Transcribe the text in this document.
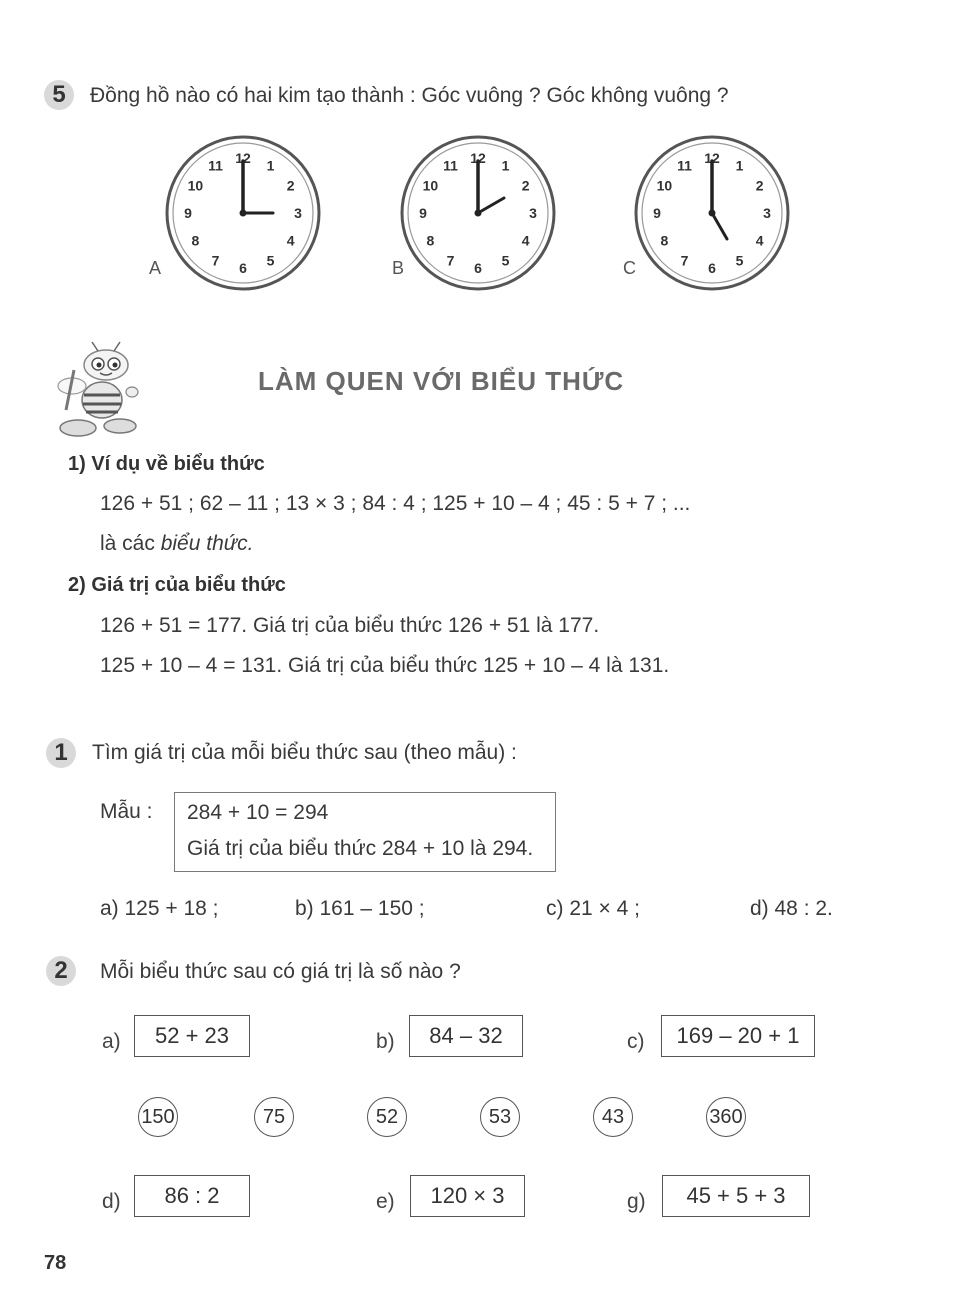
5	Đồng hồ nào có hai kim tạo thành : Góc vuông ? Góc không vuông ?
12 1
2
3
4
5
6
7
8
9
10
11
A
12 1
2
3
4
5
6
7
8
9
10
11
B
12 1
2
3
4
5
6
7
8
9
10
11
C
LÀM QUEN VỚI BIỂU THỨC
1) Ví dụ về biểu thức
126 + 51 ; 62 – 11 ; 13 × 3 ; 84 : 4 ; 125 + 10 – 4 ; 45 : 5 + 7 ; ...
là các biểu thức.
2) Giá trị của biểu thức
126 + 51 = 177. Giá trị của biểu thức 126 + 51 là 177.
125 + 10 – 4 = 131. Giá trị của biểu thức 125 + 10 – 4 là 131.
1	Tìm giá trị của mỗi biểu thức sau (theo mẫu) :
Mẫu : 284 + 10 = 294
Giá trị của biểu thức 284 + 10 là 294.
a) 125 + 18 ;	b) 161 – 150 ;	c) 21 × 4 ;	d) 48 : 2.
2	Mỗi biểu thức sau có giá trị là số nào ?
a)	52 + 23	b)	84 – 32	c)	169 – 20 + 1
150	75	52	53	43	360
d)	86 : 2	e)	120 × 3	g)	45 + 5 + 3
78
